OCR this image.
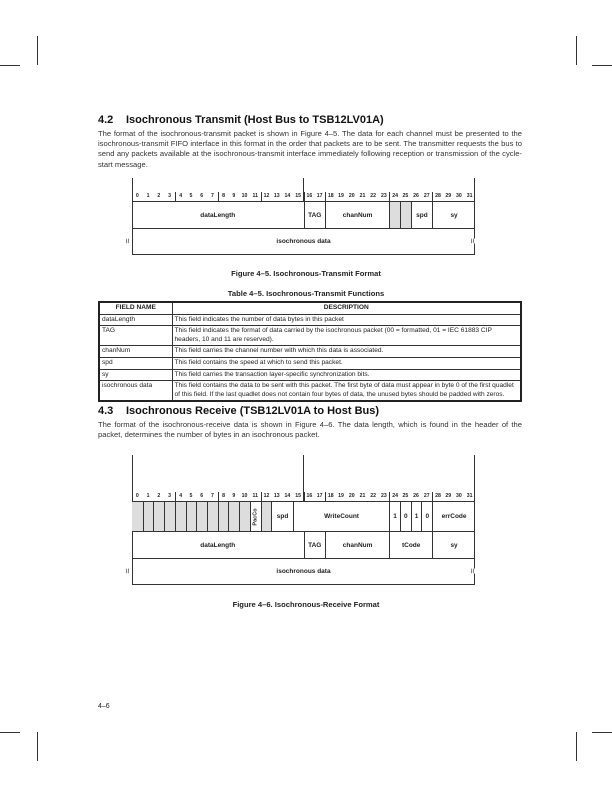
4.2 Isochronous Transmit (Host Bus to TSB12LV01A)

The format of the isochronous-transmit packet is shown in Figure 4–5. The data for each channel must be presented to the isochronous-transmit FIFO interface in this format in the order that packets are to be sent. The transmitter requests the bus to send any packets available at the isochronous-transmit interface immediately following reception or transmission of the cycle-start message.

0	1	2	3	4	5	6	7	8	9	10 11	12 13 14 15	16 17	18 19 20 21 22 23	24 25 26 27	28 29 30 31
dataLength	TAG	chanNum	spd	sy
isochronous data
≈	≈
Figure 4–5. Isochronous-Transmit Format
Table 4–5. Isochronous-Transmit Functions
FIELD NAME	DESCRIPTION
dataLength	This field indicates the number of data bytes in this packet
TAG	This field indicates the format of data carried by the isochronous packet (00 = formatted, 01 = IEC 61883 CIP headers, 10 and 11 are reserved).
chanNum	This field carries the channel number with which this data is associated.
spd	This field contains the speed at which to send this packet.
sy	This field carries the transaction layer-specific synchronization bits.
isochronous data	This field contains the data to be sent with this packet. The first byte of data must appear in byte 0 of the first quadlet of this field. If the last quadlet does not contain four bytes of data, the unused bytes should be padded with zeros.
4.3 Isochronous Receive (TSB12LV01A to Host Bus)

The format of the isochronous-receive data is shown in Figure 4–6. The data length, which is found in the header of the packet, determines the number of bytes in an isochronous packet.

0	1	2	3	4	5	6	7	8	9	10 11	12 13 14 15	16 17	18 19 20 21 22 23	24 25 26 27	28 29 30 31
PacCo	spd	WriteCount	1 0 1 0 errCode
dataLength	TAG	chanNum	tCode	sy
isochronous data
≈	≈
Figure 4–6. Isochronous-Receive Format
4–6
